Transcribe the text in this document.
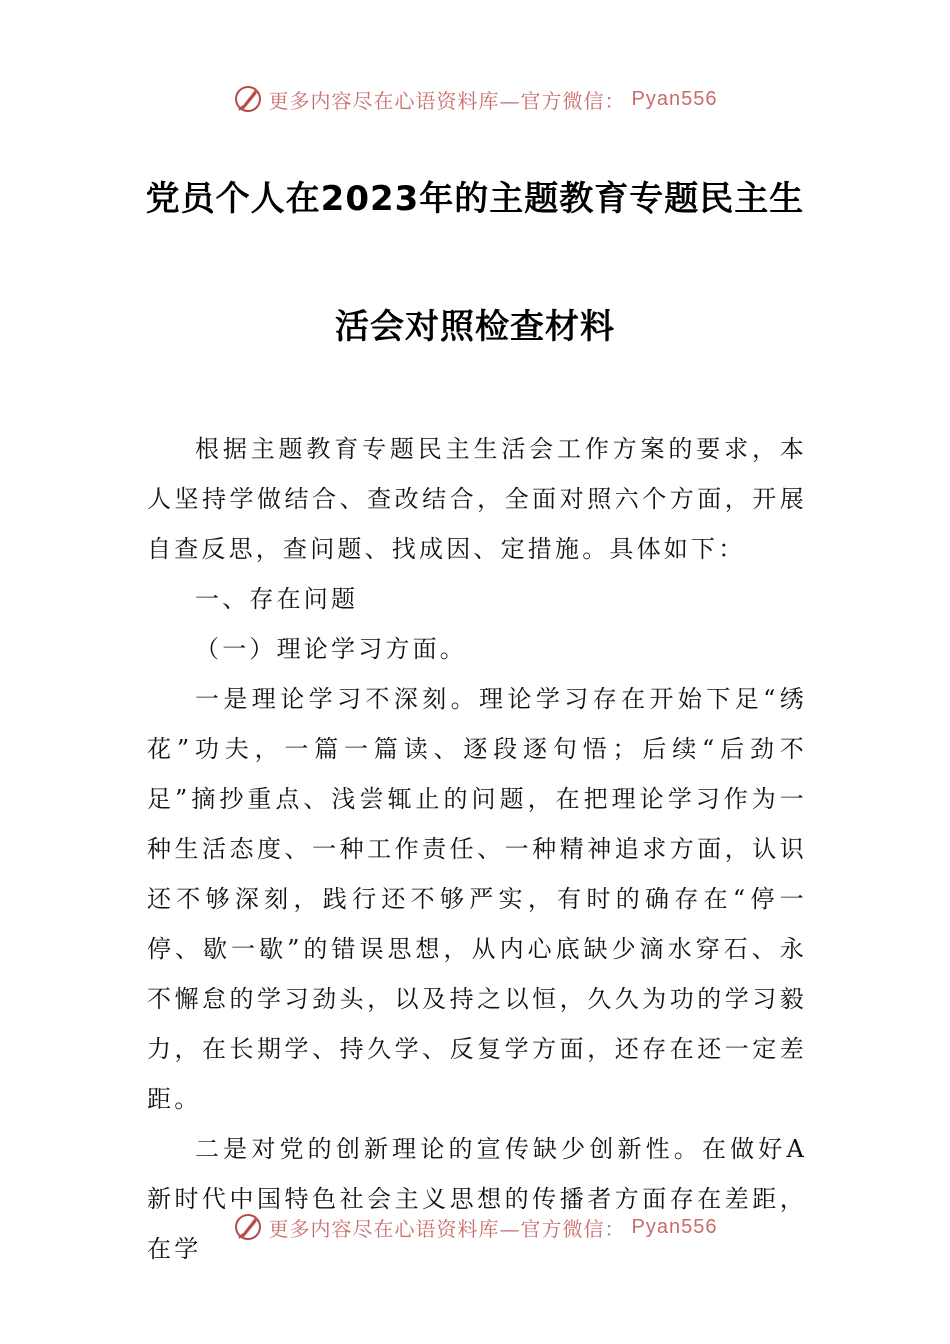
更多内容尽在心语资料库—官方微信： Pyan556
党员个人在2023年的主题教育专题民主生
活会对照检查材料

根据主题教育专题民主生活会工作方案的要求，本人坚持学做结合、查改结合，全面对照六个方面，开展自查反思，查问题、找成因、定措施。具体如下：

一、存在问题

（一）理论学习方面。

一是理论学习不深刻。理论学习存在开始下足“绣花”功夫，一篇一篇读、逐段逐句悟；后续“后劲不足”摘抄重点、浅尝辄止的问题，在把理论学习作为一种生活态度、一种工作责任、一种精神追求方面，认识还不够深刻，践行还不够严实，有时的确存在“停一停、歇一歇”的错误思想，从内心底缺少滴水穿石、永不懈怠的学习劲头，以及持之以恒，久久为功的学习毅力，在长期学、持久学、反复学方面，还存在还一定差距。

二是对党的创新理论的宣传缺少创新性。在做好A新时代中国特色社会主义思想的传播者方面存在差距，在学

更多内容尽在心语资料库—官方微信： Pyan556
